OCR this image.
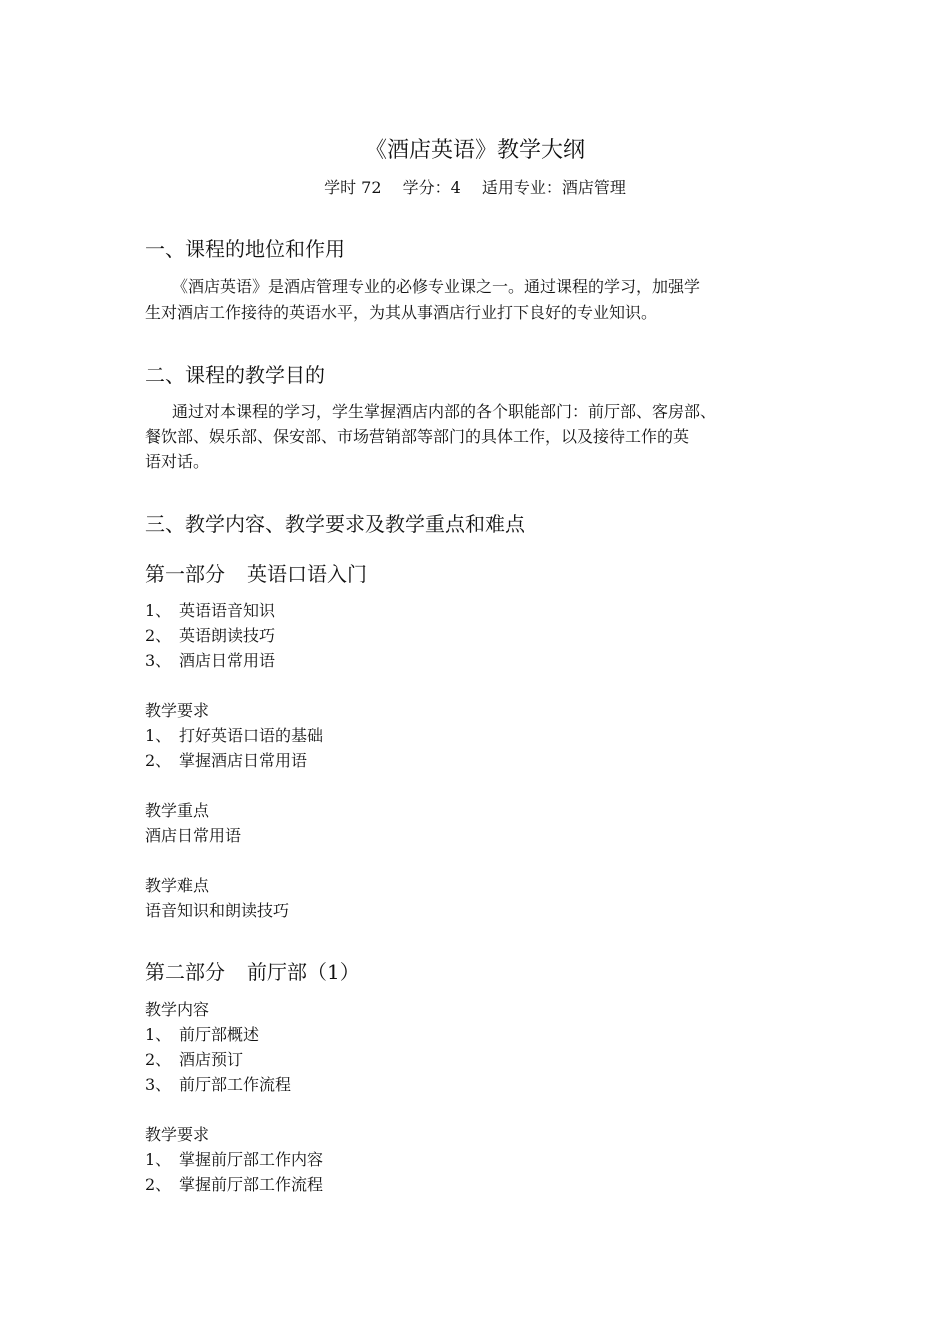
《酒店英语》教学大纲
学时 72 学分：4 适用专业：酒店管理
一、课程的地位和作用
《酒店英语》是酒店管理专业的必修专业课之一。通过课程的学习，加强学
生对酒店工作接待的英语水平，为其从事酒店行业打下良好的专业知识。
二、课程的教学目的
通过对本课程的学习，学生掌握酒店内部的各个职能部门：前厅部、客房部、
餐饮部、娱乐部、保安部、市场营销部等部门的具体工作，以及接待工作的英
语对话。
三、教学内容、教学要求及教学重点和难点
第一部分 英语口语入门
1、 英语语音知识
2、 英语朗读技巧
3、 酒店日常用语
教学要求
1、 打好英语口语的基础
2、 掌握酒店日常用语
教学重点
酒店日常用语
教学难点
语音知识和朗读技巧
第二部分 前厅部（1）
教学内容
1、 前厅部概述
2、 酒店预订
3、 前厅部工作流程
教学要求
1、 掌握前厅部工作内容
2、 掌握前厅部工作流程
